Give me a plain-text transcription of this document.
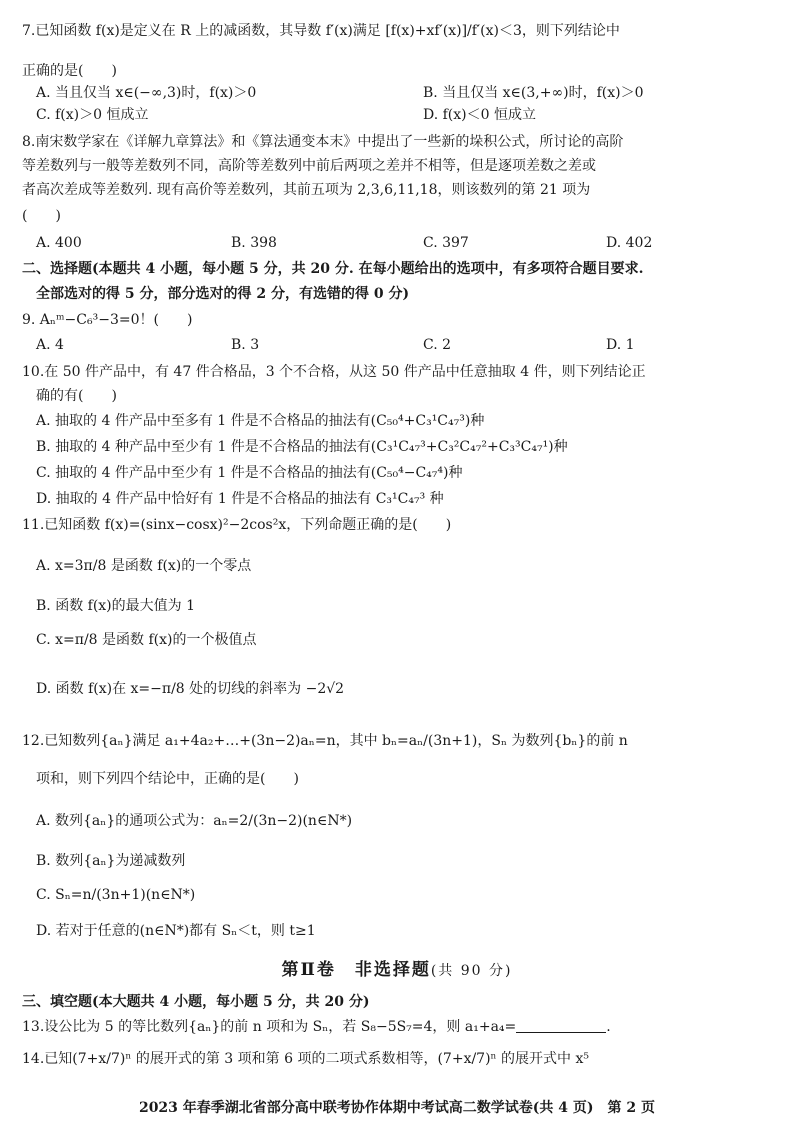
7.已知函数 f(x)是定义在 R 上的减函数，其导数 f′(x)满足 [f(x)+xf′(x)]/f′(x)＜3，则下列结论中
正确的是(　　)
A. 当且仅当 x∈(−∞,3)时，f(x)＞0	B. 当且仅当 x∈(3,+∞)时，f(x)＞0
C. f(x)＞0 恒成立	D. f(x)＜0 恒成立
8.南宋数学家在《详解九章算法》和《算法通变本末》中提出了一些新的垛积公式，所讨论的高阶
等差数列与一般等差数列不同，高阶等差数列中前后两项之差并不相等，但是逐项差数之差或
者高次差成等差数列. 现有高价等差数列，其前五项为 2,3,6,11,18，则该数列的第 21 项为
(　　)
A. 400	B. 398	C. 397	D. 402
二、选择题(本题共 4 小题，每小题 5 分，共 20 分. 在每小题给出的选项中，有多项符合题目要求.
全部选对的得 5 分，部分选对的得 2 分，有选错的得 0 分)
9. Aₙᵐ−C₆³−3=0！(　　)
A. 4	B. 3	C. 2	D. 1
10.在 50 件产品中，有 47 件合格品，3 个不合格，从这 50 件产品中任意抽取 4 件，则下列结论正
确的有(　　)
A. 抽取的 4 件产品中至多有 1 件是不合格品的抽法有(C₅₀⁴+C₃¹C₄₇³)种
B. 抽取的 4 种产品中至少有 1 件是不合格品的抽法有(C₃¹C₄₇³+C₃²C₄₇²+C₃³C₄₇¹)种
C. 抽取的 4 件产品中至少有 1 件是不合格品的抽法有(C₅₀⁴−C₄₇⁴)种
D. 抽取的 4 件产品中恰好有 1 件是不合格品的抽法有 C₃¹C₄₇³ 种
11.已知函数 f(x)=(sinx−cosx)²−2cos²x，下列命题正确的是(　　)
A. x=3π/8 是函数 f(x)的一个零点
B. 函数 f(x)的最大值为 1
C. x=π/8 是函数 f(x)的一个极值点
D. 函数 f(x)在 x=−π/8 处的切线的斜率为 −2√2
12.已知数列{aₙ}满足 a₁+4a₂+…+(3n−2)aₙ=n，其中 bₙ=aₙ/(3n+1)，Sₙ 为数列{bₙ}的前 n
项和，则下列四个结论中，正确的是(　　)
A. 数列{aₙ}的通项公式为：aₙ=2/(3n−2)(n∈N*)
B. 数列{aₙ}为递减数列
C. Sₙ=n/(3n+1)(n∈N*)
D. 若对于任意的(n∈N*)都有 Sₙ＜t，则 t≥1
第Ⅱ卷　非选择题(共 90 分)
三、填空题(本大题共 4 小题，每小题 5 分，共 20 分)
13.设公比为 5 的等比数列{aₙ}的前 n 项和为 Sₙ，若 S₈−5S₇=4，则 a₁+a₄=	.
14.已知(7+x/7)ⁿ 的展开式的第 3 项和第 6 项的二项式系数相等，(7+x/7)ⁿ 的展开式中 x⁵
2023 年春季湖北省部分高中联考协作体期中考试高二数学试卷(共 4 页)　第 2 页
